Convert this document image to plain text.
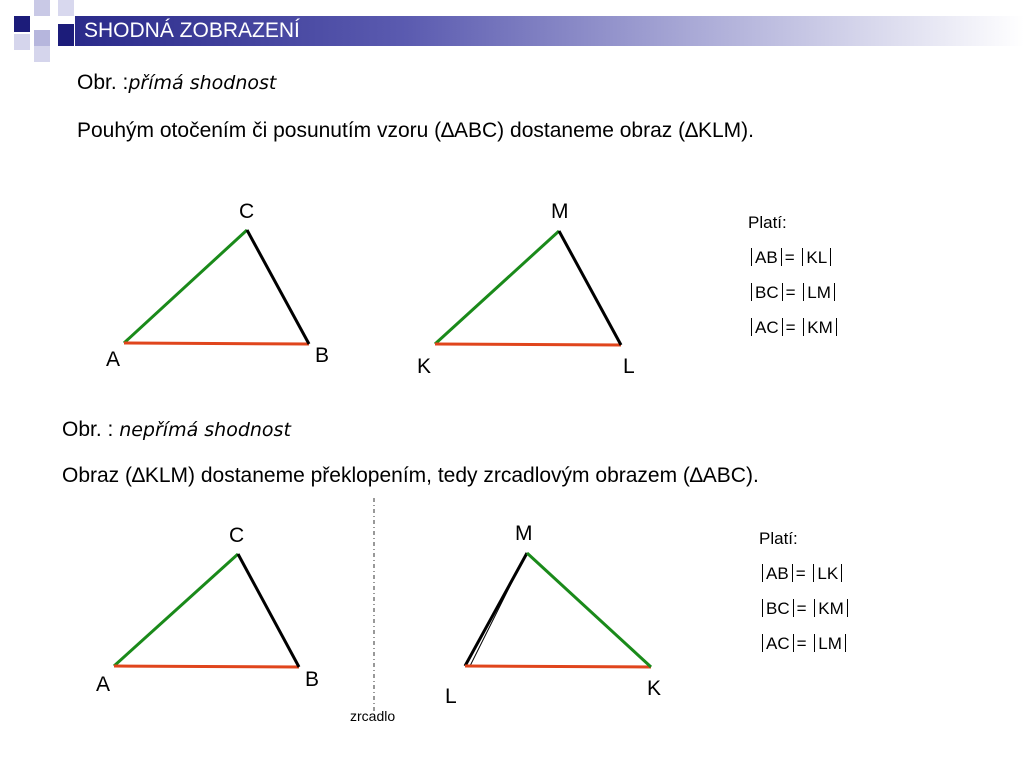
SHODNÁ ZOBRAZENÍ
Obr. :přímá shodnost
Pouhým otočením či posunutím vzoru (∆ABC) dostaneme obraz (∆KLM).
Obr. : nepřímá shodnost
Obraz (∆KLM) dostaneme překlopením, tedy zrcadlovým obrazem (∆ABC).
C
A	B
M
K	L
C
A	B
M
L	K
zrcadlo
Platí:
AB = KL
BC = LM
AC = KM
Platí:
AB = LK
BC = KM
AC = LM
